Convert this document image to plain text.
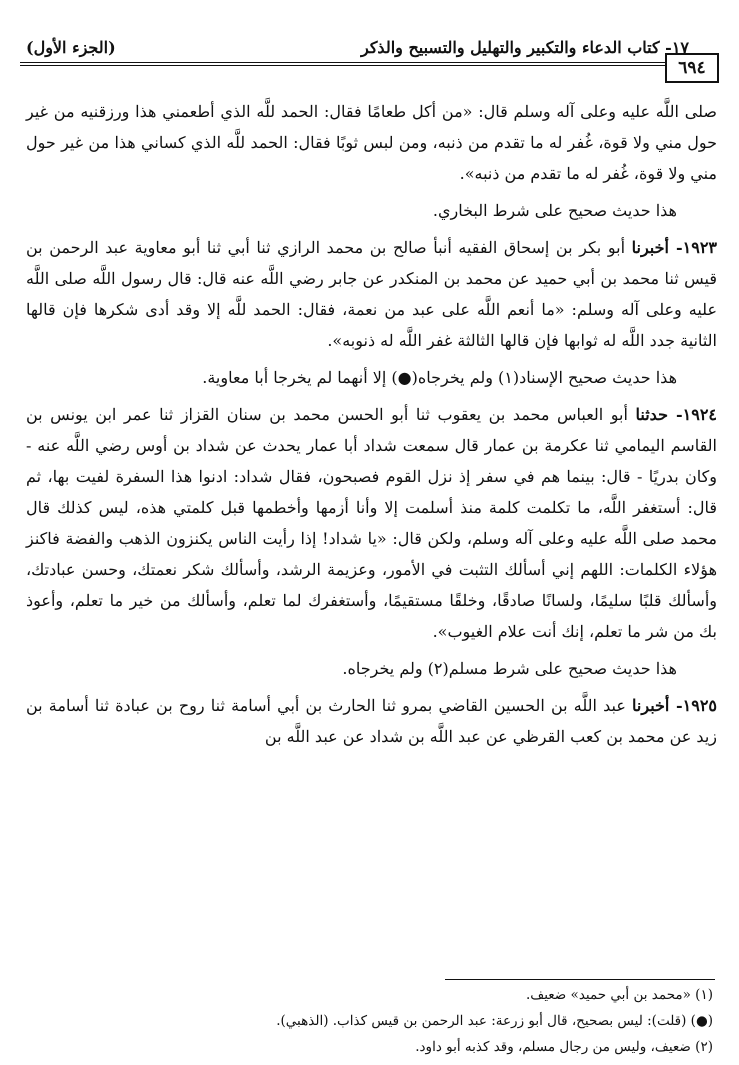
١٧- كتاب الدعاء والتكبير والتهليل والتسبيح والذكر
(الجزء الأول)
٦٩٤

صلى اللَّه عليه وعلى آله وسلم قال: «من أكل طعامًا فقال: الحمد للَّه الذي أطعمني هذا ورزقنيه من غير حول مني ولا قوة، غُفر له ما تقدم من ذنبه، ومن لبس ثوبًا فقال: الحمد للَّه الذي كساني هذا من غير حول مني ولا قوة، غُفر له ما تقدم من ذنبه».

هذا حديث صحيح على شرط البخاري.

١٩٢٣- أخبرنا أبو بكر بن إسحاق الفقيه أنبأ صالح بن محمد الرازي ثنا أبي ثنا أبو معاوية عبد الرحمن بن قيس ثنا محمد بن أبي حميد عن محمد بن المنكدر عن جابر رضي اللَّه عنه قال: قال رسول اللَّه صلى اللَّه عليه وعلى آله وسلم: «ما أنعم اللَّه على عبد من نعمة، فقال: الحمد للَّه إلا وقد أدى شكرها فإن قالها الثانية جدد اللَّه له ثوابها فإن قالها الثالثة غفر اللَّه له ذنوبه».

هذا حديث صحيح الإسناد(١) ولم يخرجاه(●) إلا أنهما لم يخرجا أبا معاوية.

١٩٢٤- حدثنا أبو العباس محمد بن يعقوب ثنا أبو الحسن محمد بن سنان القزاز ثنا عمر ابن يونس بن القاسم اليمامي ثنا عكرمة بن عمار قال سمعت شداد أبا عمار يحدث عن شداد بن أوس رضي اللَّه عنه - وكان بدريًا - قال: بينما هم في سفر إذ نزل القوم فصبحون، فقال شداد: ادنوا هذا السفرة لفيت بها، ثم قال: أستغفر اللَّه، ما تكلمت كلمة منذ أسلمت إلا وأنا أزمها وأخطمها قبل كلمتي هذه، ليس كذلك قال محمد صلى اللَّه عليه وعلى آله وسلم، ولكن قال: «يا شداد! إذا رأيت الناس يكنزون الذهب والفضة فاكنز هؤلاء الكلمات: اللهم إني أسألك التثبت في الأمور، وعزيمة الرشد، وأسألك شكر نعمتك، وحسن عبادتك، وأسألك قلبًا سليمًا، ولسانًا صادقًا، وخلقًا مستقيمًا، وأستغفرك لما تعلم، وأسألك من خير ما تعلم، وأعوذ بك من شر ما تعلم، إنك أنت علام الغيوب».

هذا حديث صحيح على شرط مسلم(٢) ولم يخرجاه.

١٩٢٥- أخبرنا عبد اللَّه بن الحسين القاضي بمرو ثنا الحارث بن أبي أسامة ثنا روح بن عبادة ثنا أسامة بن زيد عن محمد بن كعب القرظي عن عبد اللَّه بن شداد عن عبد اللَّه بن

(١) «محمد بن أبي حميد» ضعيف.
(●) (قلت): ليس بصحيح، قال أبو زرعة: عبد الرحمن بن قيس كذاب. (الذهبي).
(٢) ضعيف، وليس من رجال مسلم، وقد كذبه أبو داود.
